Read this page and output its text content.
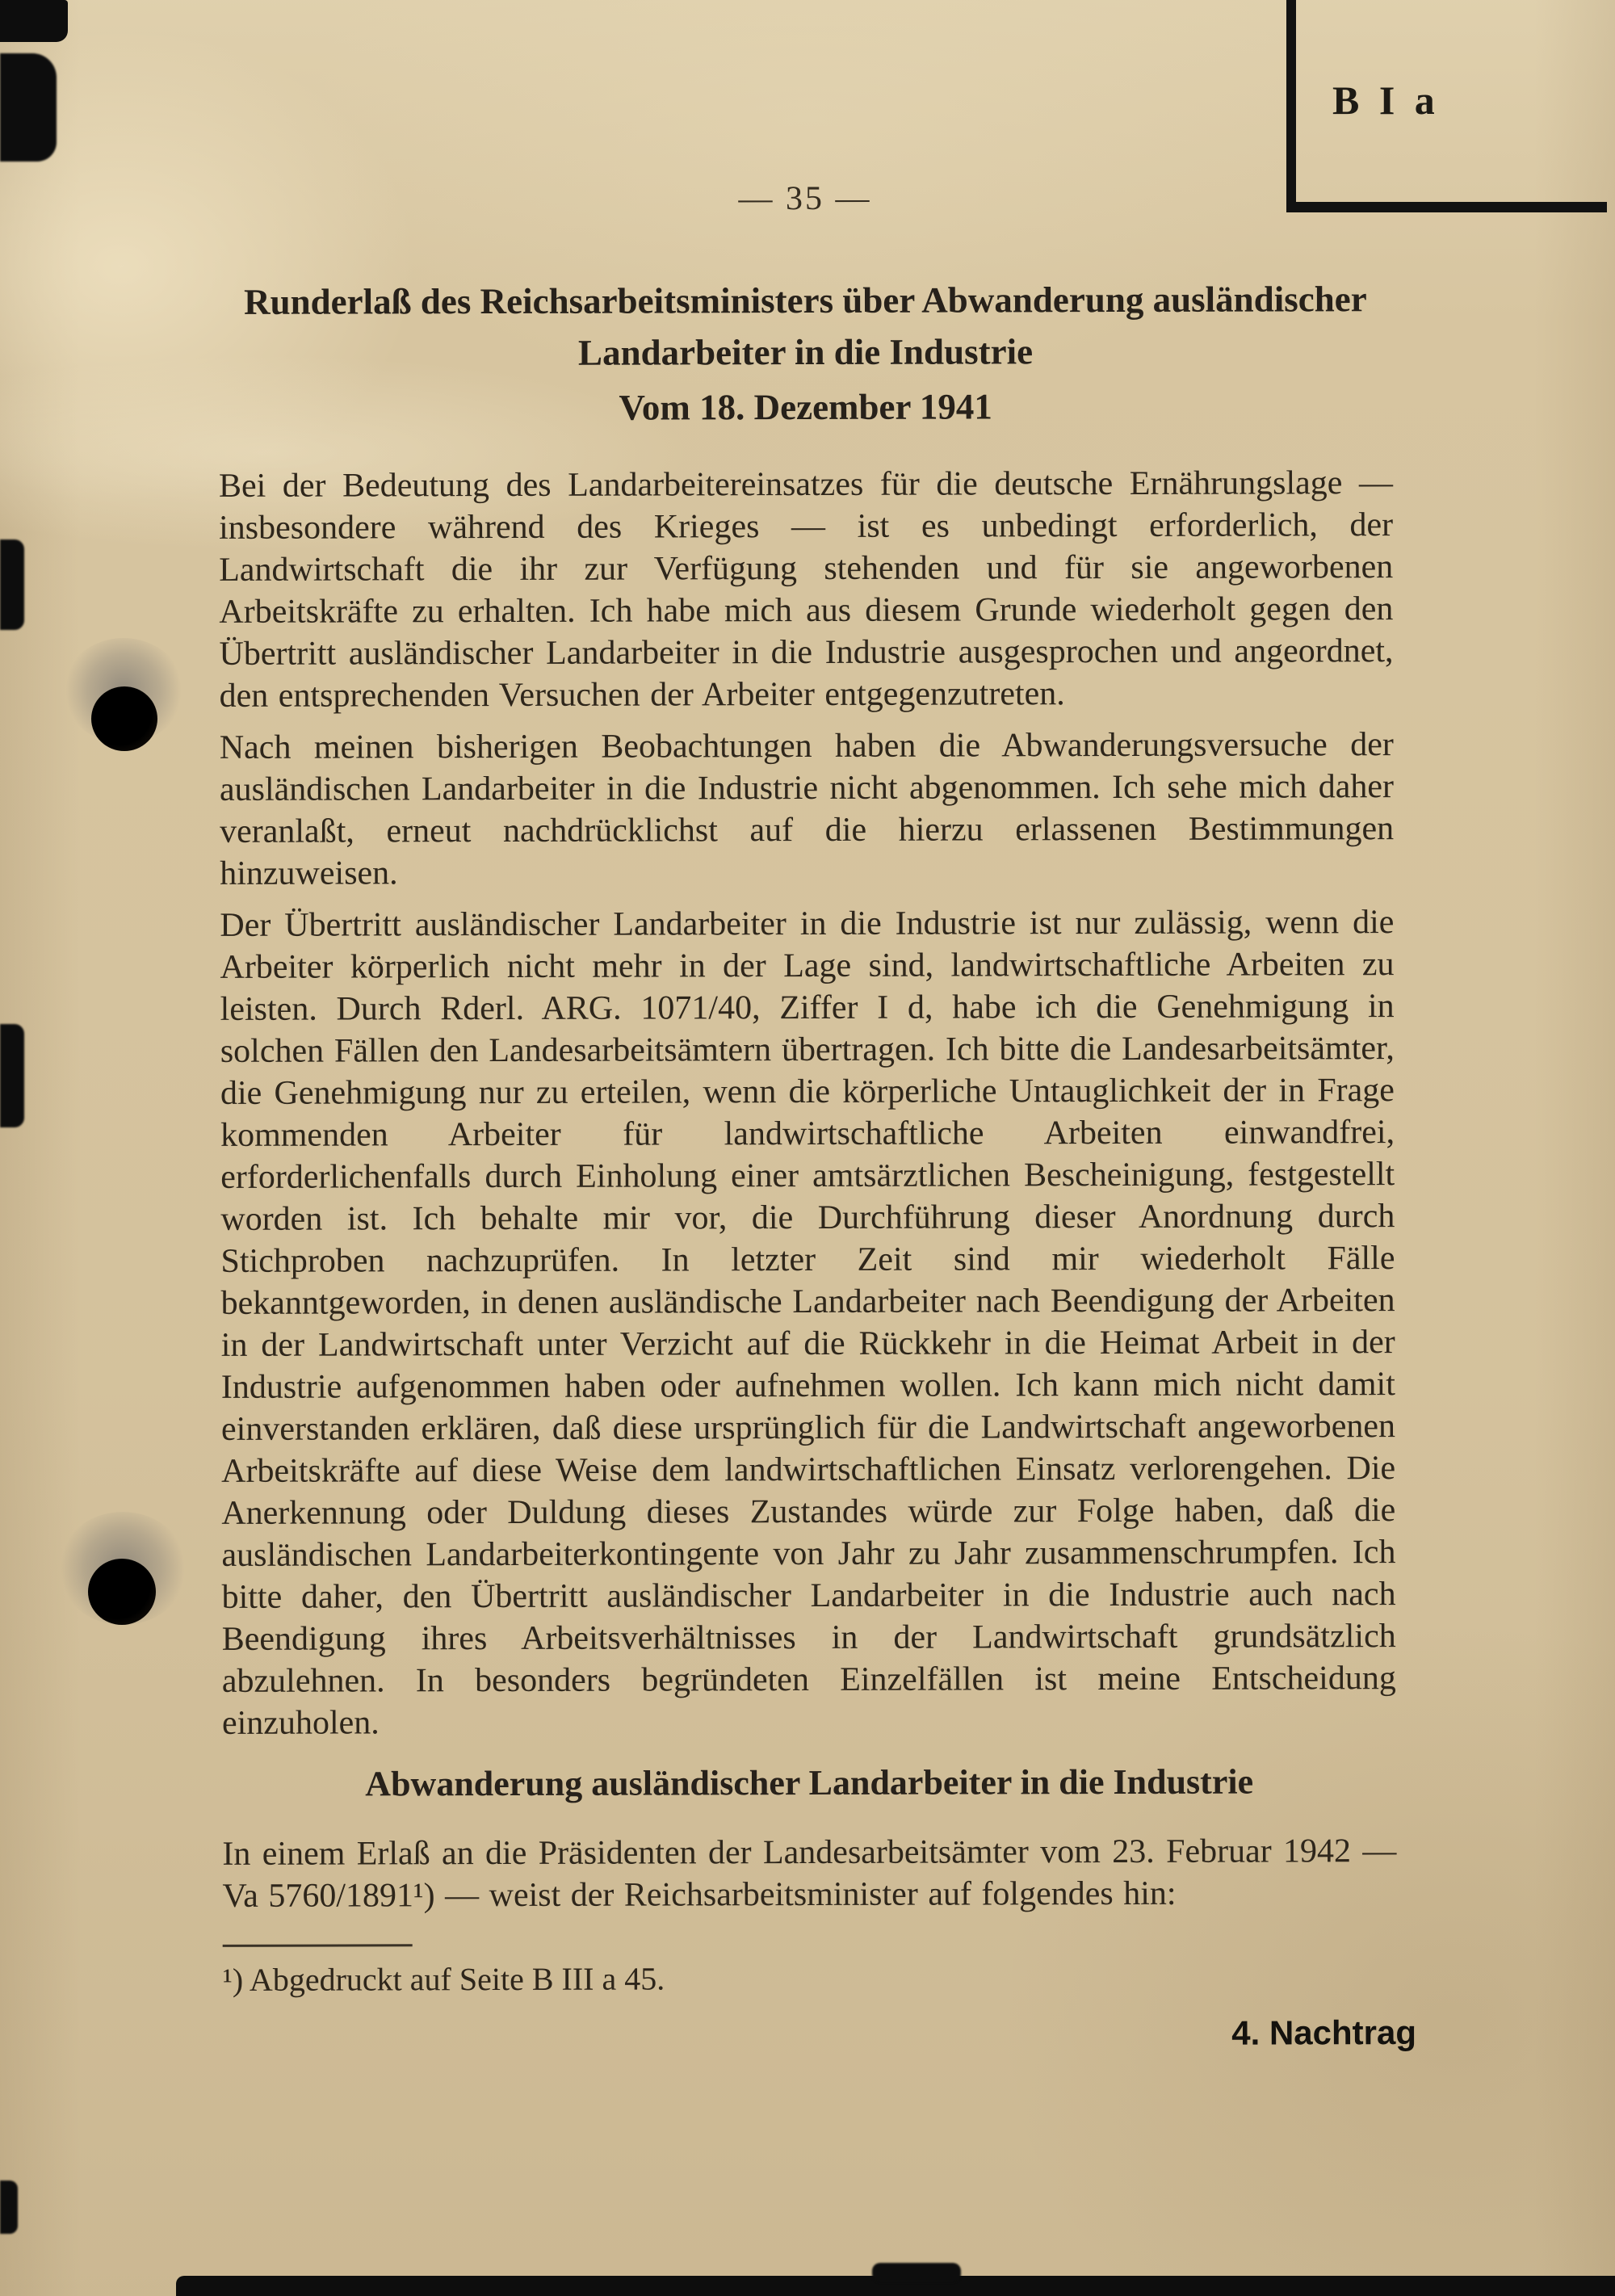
B I a
— 35 —
Runderlaß des Reichsarbeitsministers über Abwanderung ausländischer
Landarbeiter in die Industrie
Vom 18. Dezember 1941

Bei der Bedeutung des Landarbeitereinsatzes für die deutsche Ernährungslage — insbesondere während des Krieges — ist es unbedingt erforderlich, der Landwirtschaft die ihr zur Verfügung stehenden und für sie angeworbenen Arbeitskräfte zu erhalten. Ich habe mich aus diesem Grunde wiederholt gegen den Übertritt ausländischer Landarbeiter in die Industrie ausgesprochen und angeordnet, den entsprechenden Versuchen der Arbeiter entgegenzutreten.

Nach meinen bisherigen Beobachtungen haben die Abwanderungsversuche der ausländischen Landarbeiter in die Industrie nicht abgenommen. Ich sehe mich daher veranlaßt, erneut nachdrücklichst auf die hierzu erlassenen Bestimmungen hinzuweisen.

Der Übertritt ausländischer Landarbeiter in die Industrie ist nur zulässig, wenn die Arbeiter körperlich nicht mehr in der Lage sind, landwirtschaftliche Arbeiten zu leisten. Durch Rderl. ARG. 1071/40, Ziffer I d, habe ich die Genehmigung in solchen Fällen den Landesarbeitsämtern übertragen. Ich bitte die Landesarbeitsämter, die Genehmigung nur zu erteilen, wenn die körperliche Untauglichkeit der in Frage kommenden Arbeiter für landwirtschaftliche Arbeiten einwandfrei, erforderlichenfalls durch Einholung einer amtsärztlichen Bescheinigung, festgestellt worden ist. Ich behalte mir vor, die Durchführung dieser Anordnung durch Stichproben nachzuprüfen. In letzter Zeit sind mir wiederholt Fälle bekanntgeworden, in denen ausländische Landarbeiter nach Beendigung der Arbeiten in der Landwirtschaft unter Verzicht auf die Rückkehr in die Heimat Arbeit in der Industrie aufgenommen haben oder aufnehmen wollen. Ich kann mich nicht damit einverstanden erklären, daß diese ursprünglich für die Landwirtschaft angeworbenen Arbeitskräfte auf diese Weise dem landwirtschaftlichen Einsatz verlorengehen. Die Anerkennung oder Duldung dieses Zustandes würde zur Folge haben, daß die ausländischen Landarbeiterkontingente von Jahr zu Jahr zusammenschrumpfen. Ich bitte daher, den Übertritt ausländischer Landarbeiter in die Industrie auch nach Beendigung ihres Arbeitsverhältnisses in der Landwirtschaft grundsätzlich abzulehnen. In besonders begründeten Einzelfällen ist meine Entscheidung einzuholen.

Abwanderung ausländischer Landarbeiter in die Industrie

In einem Erlaß an die Präsidenten der Landesarbeitsämter vom 23. Februar 1942 — Va 5760/1891¹) — weist der Reichsarbeitsminister auf folgendes hin:

¹) Abgedruckt auf Seite B III a 45.

4. Nachtrag
